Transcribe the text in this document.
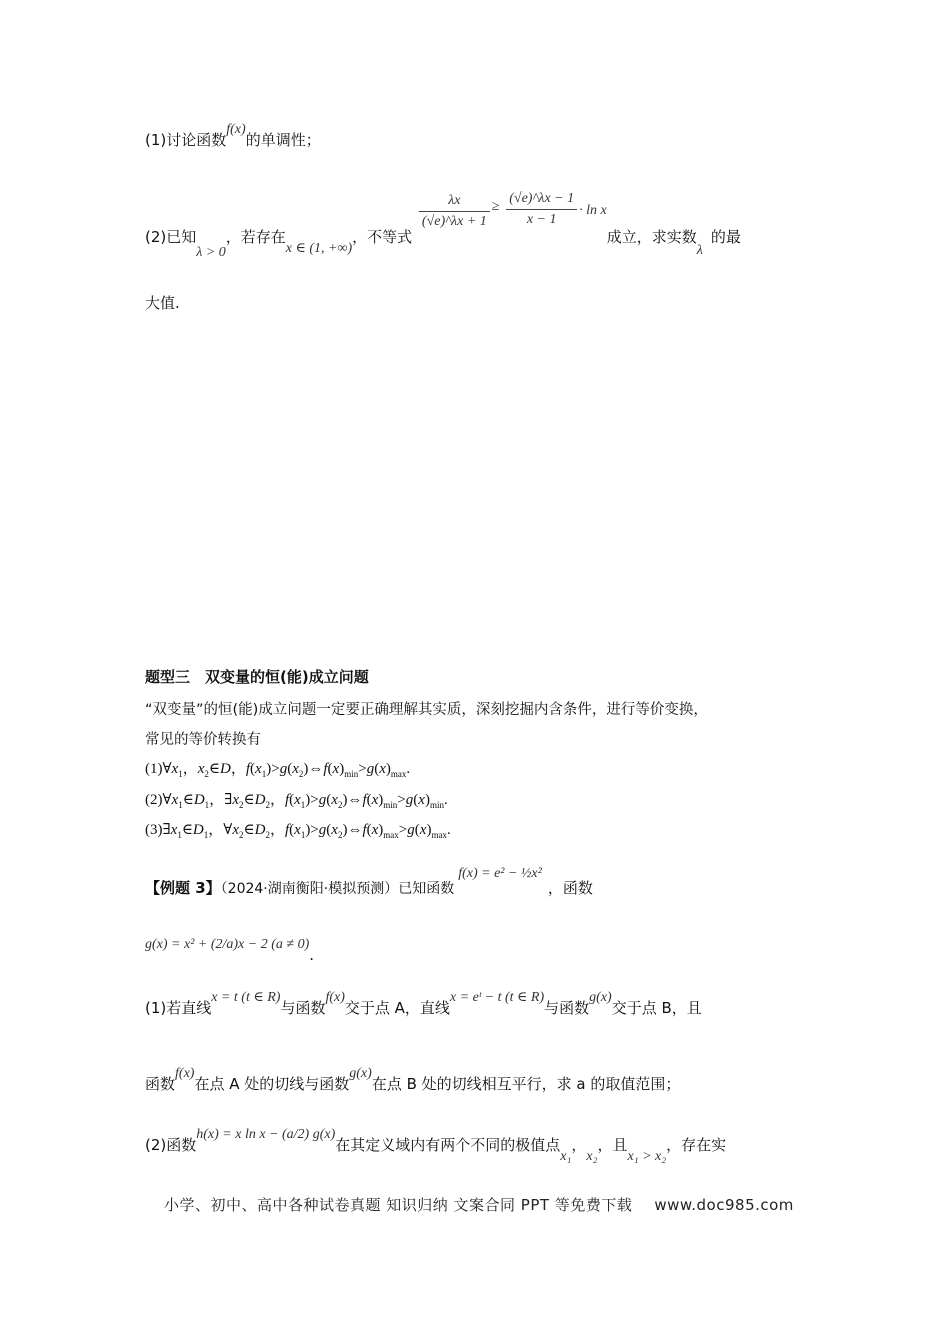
(1)讨论函数f(x)的单调性；
(2)已知λ > 0，若存在x ∈ (1, +∞)，不等式
$\frac{\lambda x}{(√e)\^{}\lambda x + 1} \ge \frac{(√e)\^{}\lambda x - 1}{x - 1} \cdot \ln x$成立，求实数λ的最
大值.
题型三　双变量的恒(能)成立问题
“双变量”的恒(能)成立问题一定要正确理解其实质，深刻挖掘内含条件，进行等价变换，
常见的等价转换有
$(1)\forall x_1$，$x_2\in D$，$f(x_1)>g(x_2)\Leftrightarrow f(x)_{min}>g(x)_{max}$.
$(2)\forall x_1\in D_1$，$\exists x_2\in D_2$，$f(x_1)>g(x_2)\Leftrightarrow f(x)_{min}>g(x)_{min}$.
$(3)\exists x_1\in D_1$，$\forall x_2\in D_2$，$f(x_1)>g(x_2)\Leftrightarrow f(x)_{max}>g(x)_{max}$.
【例题 3】（2024·湖南衡阳·模拟预测）已知函数f(x) = e² − ½x²，函数
g(x) = x² + (2/a)x − 2 (a ≠ 0).
(1)若直线x = t (t ∈ R)与函数f(x)交于点 A，直线x = eᵗ − t (t ∈ R)与函数g(x)交于点 B，且
函数f(x)在点 A 处的切线与函数g(x)在点 B 处的切线相互平行，求 a 的取值范围；
(2)函数h(x) = x ln x − (a/2) g(x)在其定义域内有两个不同的极值点x₁，x₂，且x₁ > x₂，存在实
小学、初中、高中各种试卷真题 知识归纳 文案合同 PPT 等免费下载 www.doc985.com
